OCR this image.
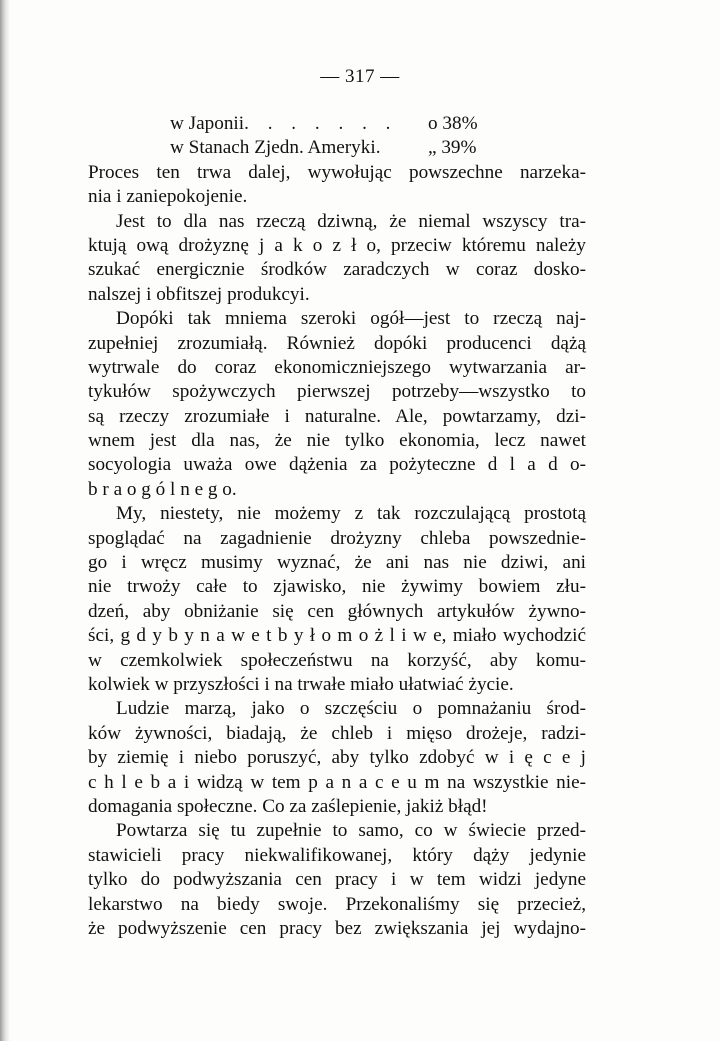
— 317 —
w Japonii. . . . . . . o 38%
w Stanach Zjedn. Ameryki. „ 39%
Proces ten trwa dalej, wywołując powszechne narzeka-
nia i zaniepokojenie.
Jest to dla nas rzeczą dziwną, że niemal wszyscy tra-
ktują ową drożyznę j a k o z ł o, przeciw któremu należy
szukać energicznie środków zaradczych w coraz dosko-
nalszej i obfitszej produkcyi.
Dopóki tak mniema szeroki ogół—jest to rzeczą naj-
zupełniej zrozumiałą. Również dopóki producenci dążą
wytrwale do coraz ekonomiczniejszego wytwarzania ar-
tykułów spożywczych pierwszej potrzeby—wszystko to
są rzeczy zrozumiałe i naturalne. Ale, powtarzamy, dzi-
wnem jest dla nas, że nie tylko ekonomia, lecz nawet
socyologia uważa owe dążenia za pożyteczne d l a d o-
b r a o g ó l n e g o.
My, niestety, nie możemy z tak rozczulającą prostotą
spoglądać na zagadnienie drożyzny chleba powszednie-
go i wręcz musimy wyznać, że ani nas nie dziwi, ani
nie trwoży całe to zjawisko, nie żywimy bowiem złu-
dzeń, aby obniżanie się cen głównych artykułów żywno-
ści, g d y b y n a w e t b y ł o m o ż l i w e, miało wychodzić
w czemkolwiek społeczeństwu na korzyść, aby komu-
kolwiek w przyszłości i na trwałe miało ułatwiać życie.
Ludzie marzą, jako o szczęściu o pomnażaniu środ-
ków żywności, biadają, że chleb i mięso drożeje, radzi-
by ziemię i niebo poruszyć, aby tylko zdobyć w i ę c e j
c h l e b a i widzą w tem p a n a c e u m na wszystkie nie-
domagania społeczne. Co za zaślepienie, jakiż błąd!
Powtarza się tu zupełnie to samo, co w świecie przed-
stawicieli pracy niekwalifikowanej, który dąży jedynie
tylko do podwyższania cen pracy i w tem widzi jedyne
lekarstwo na biedy swoje. Przekonaliśmy się przecież,
że podwyższenie cen pracy bez zwiększania jej wydajno-
